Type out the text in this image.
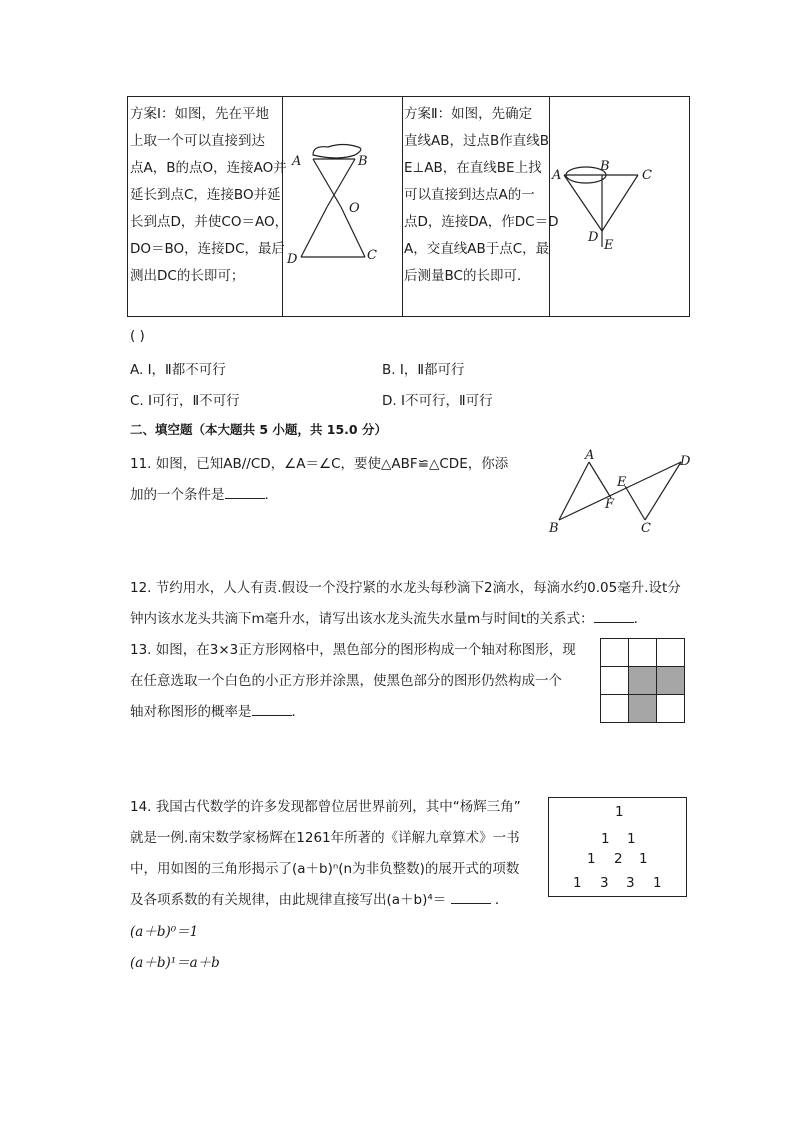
方案Ⅰ：如图，先在平地
上取一个可以直接到达
点A，B的点O，连接AO并
延长到点C，连接BO并延
长到点D，并使CO＝AO，
DO＝BO，连接DC，最后
测出DC的长即可；
A	B
O
C
D
方案Ⅱ：如图，先确定
直线AB，过点B作直线B
E⊥AB，在直线BE上找
可以直接到达点A的一
点D，连接DA，作DC＝D
A，交直线AB于点C，最
后测量BC的长即可．
A
B
C
D
E
( )
A. Ⅰ，Ⅱ都不可行	B. Ⅰ，Ⅱ都可行
C. Ⅰ可行，Ⅱ不可行	D. Ⅰ不可行，Ⅱ可行
二、填空题（本大题共 5 小题，共 15.0 分）
11. 如图，已知AB//CD，∠A＝∠C，要使△ABF≌△CDE，你添
加的一个条件是	．
A
B	C
D
E
F
12. 节约用水，人人有责.假设一个没拧紧的水龙头每秒滴下2滴水，每滴水约0.05毫升.设t分
钟内该水龙头共滴下m毫升水，请写出该水龙头流失水量m与时间t的关系式：	．
13. 如图，在3×3正方形网格中，黑色部分的图形构成一个轴对称图形，现
在任意选取一个白色的小正方形并涂黑，使黑色部分的图形仍然构成一个
轴对称图形的概率是	．
14. 我国古代数学的许多发现都曾位居世界前列，其中“杨辉三角”
就是一例.南宋数学家杨辉在1261年所著的《详解九章算术》一书
中，用如图的三角形揭示了(a＋b)ⁿ(n为非负整数)的展开式的项数
及各项系数的有关规律，由此规律直接写出(a＋b)⁴＝	．
(a＋b)⁰＝1
(a＋b)¹＝a＋b
1
1 1
1 2 1
1 3 3 1
